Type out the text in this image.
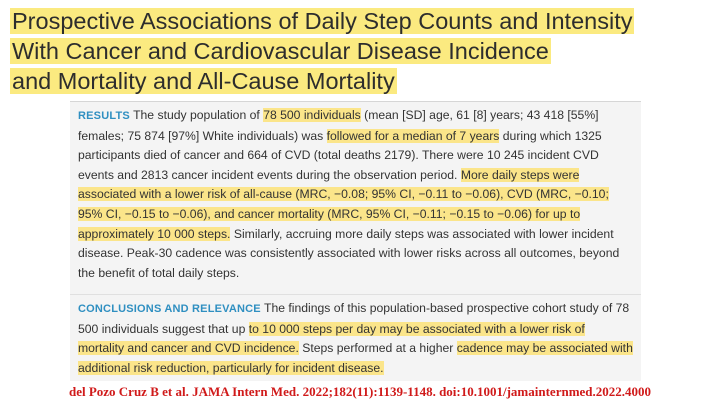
Prospective Associations of Daily Step Counts and Intensity
With Cancer and Cardiovascular Disease Incidence
and Mortality and All-Cause Mortality

RESULTS The study population of 78 500 individuals (mean [SD] age, 61 [8] years; 43 418 [55%] females; 75 874 [97%] White individuals) was followed for a median of 7 years during which 1325 participants died of cancer and 664 of CVD (total deaths 2179). There were 10 245 incident CVD events and 2813 cancer incident events during the observation period. More daily steps were associated with a lower risk of all-cause (MRC, −0.08; 95% CI, −0.11 to −0.06), CVD (MRC, −0.10; 95% CI, −0.15 to −0.06), and cancer mortality (MRC, 95% CI, −0.11; −0.15 to −0.06) for up to approximately 10 000 steps. Similarly, accruing more daily steps was associated with lower incident disease. Peak-30 cadence was consistently associated with lower risks across all outcomes, beyond the benefit of total daily steps.

CONCLUSIONS AND RELEVANCE The findings of this population-based prospective cohort study of 78 500 individuals suggest that up to 10 000 steps per day may be associated with a lower risk of mortality and cancer and CVD incidence. Steps performed at a higher cadence may be associated with additional risk reduction, particularly for incident disease.

del Pozo Cruz B et al. JAMA Intern Med. 2022;182(11):1139-1148. doi:10.1001/jamainternmed.2022.4000
